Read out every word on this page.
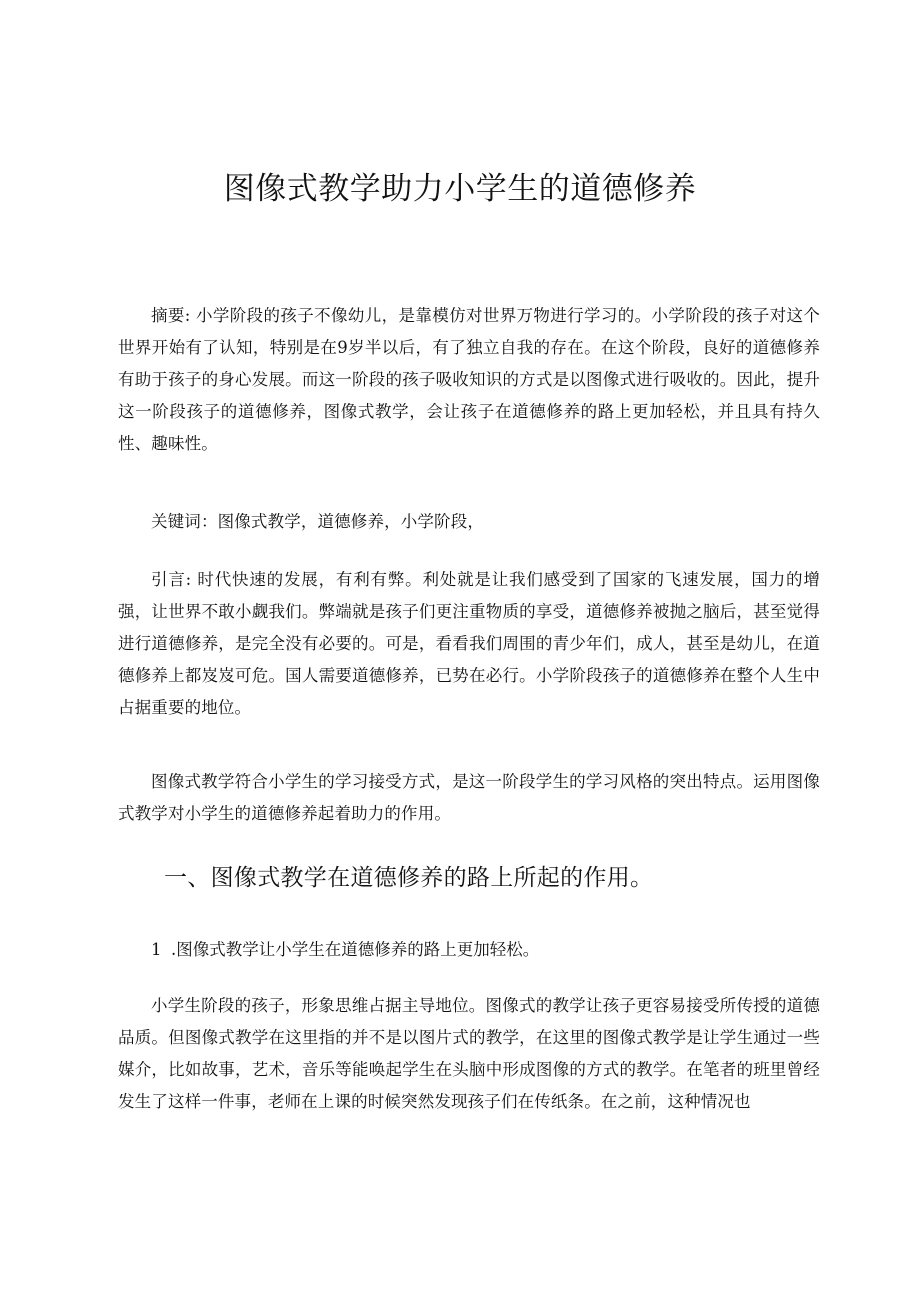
图像式教学助力小学生的道德修养

摘要: 小学阶段的孩子不像幼儿，是靠模仿对世界万物进行学习的。小学阶段的孩子对这个世界开始有了认知，特别是在9岁半以后，有了独立自我的存在。在这个阶段，良好的道德修养有助于孩子的身心发展。而这一阶段的孩子吸收知识的方式是以图像式进行吸收的。因此，提升这一阶段孩子的道德修养，图像式教学，会让孩子在道德修养的路上更加轻松，并且具有持久性、趣味性。

关键词：图像式教学，道德修养，小学阶段，

引言: 时代快速的发展，有利有弊。利处就是让我们感受到了国家的飞速发展，国力的增强，让世界不敢小觑我们。弊端就是孩子们更注重物质的享受，道德修养被抛之脑后，甚至觉得进行道德修养，是完全没有必要的。可是，看看我们周围的青少年们，成人，甚至是幼儿，在道德修养上都岌岌可危。国人需要道德修养，已势在必行。小学阶段孩子的道德修养在整个人生中占据重要的地位。

图像式教学符合小学生的学习接受方式，是这一阶段学生的学习风格的突出特点。运用图像式教学对小学生的道德修养起着助力的作用。

一、图像式教学在道德修养的路上所起的作用。

1 .图像式教学让小学生在道德修养的路上更加轻松。

小学生阶段的孩子，形象思维占据主导地位。图像式的教学让孩子更容易接受所传授的道德品质。但图像式教学在这里指的并不是以图片式的教学，在这里的图像式教学是让学生通过一些媒介，比如故事，艺术，音乐等能唤起学生在头脑中形成图像的方式的教学。在笔者的班里曾经发生了这样一件事，老师在上课的时候突然发现孩子们在传纸条。在之前，这种情况也
